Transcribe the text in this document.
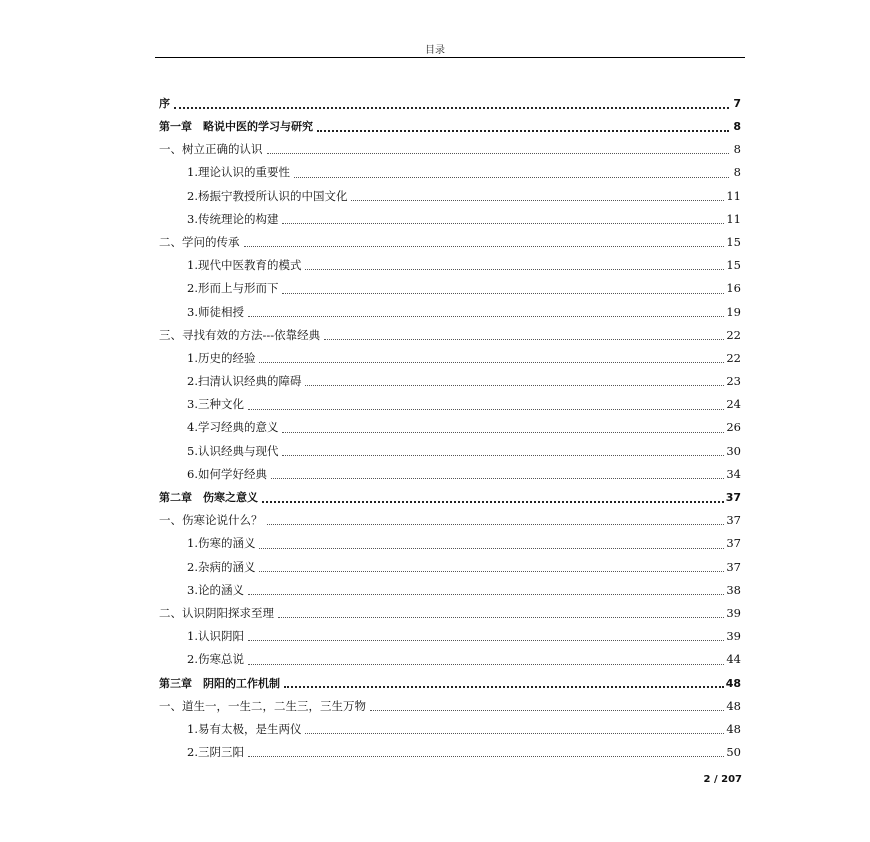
目录
序	7
第一章　略说中医的学习与研究	8
一、树立正确的认识	8
1.理论认识的重要性	8
2.杨振宁教授所认识的中国文化	11
3.传统理论的构建	11
二、学问的传承	15
1.现代中医教育的模式	15
2.形而上与形而下	16
3.师徒相授	19
三、寻找有效的方法---依靠经典	22
1.历史的经验	22
2.扫清认识经典的障碍	23
3.三种文化	24
4.学习经典的意义	26
5.认识经典与现代	30
6.如何学好经典	34
第二章　伤寒之意义	37
一、伤寒论说什么？	37
1.伤寒的涵义	37
2.杂病的涵义	37
3.论的涵义	38
二、认识阴阳探求至理	39
1.认识阴阳	39
2.伤寒总说	44
第三章　阴阳的工作机制	48
一、道生一，一生二，二生三，三生万物	48
1.易有太极，是生两仪	48
2.三阴三阳	50
2 / 207
